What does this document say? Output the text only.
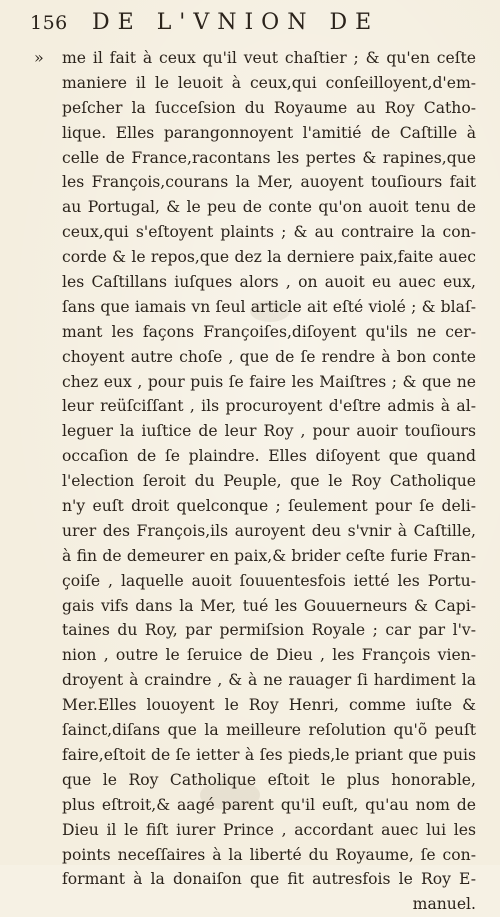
156 DE L'VNION DE
» me il fait à ceux qu'il veut chaſtier ; & qu'en ceſte
maniere il le leuoit à ceux,qui conſeilloyent,d'em-
peſcher la ſucceſsion du Royaume au Roy Catho-
lique. Elles parangonnoyent l'amitié de Caſtille à
celle de France,racontans les pertes & rapines,que
les François,courans la Mer, auoyent touſiours fait
au Portugal, & le peu de conte qu'on auoit tenu de
ceux,qui s'eſtoyent plaints ; & au contraire la con-
corde & le repos,que dez la derniere paix,faite auec
les Caſtillans iuſques alors , on auoit eu auec eux,
ſans que iamais vn ſeul article ait eſté violé ; & blaſ-
mant les façons Françoiſes,diſoyent qu'ils ne cer-
choyent autre choſe , que de ſe rendre à bon conte
chez eux , pour puis ſe faire les Maiſtres ; & que ne
leur reüſciſſant , ils procuroyent d'eſtre admis à al-
leguer la iuſtice de leur Roy , pour auoir touſiours
occaſion de ſe plaindre. Elles diſoyent que quand
l'election ſeroit du Peuple, que le Roy Catholique
n'y euſt droit quelconque ; ſeulement pour ſe deli-
urer des François,ils auroyent deu s'vnir à Caſtille,
à fin de demeurer en paix,& brider ceſte furie Fran-
çoiſe , laquelle auoit ſouuentesfois ietté les Portu-
gais vifs dans la Mer, tué les Gouuerneurs & Capi-
taines du Roy, par permiſsion Royale ; car par l'v-
nion , outre le ſeruice de Dieu , les François vien-
droyent à craindre , & à ne rauager ſi hardiment la
Mer.Elles louoyent le Roy Henri, comme iuſte &
ſainct,diſans que la meilleure reſolution qu'õ peuſt
faire,eſtoit de ſe ietter à ſes pieds,le priant que puis
que le Roy Catholique eſtoit le plus honorable,
plus eſtroit,& aagé parent qu'il euſt, qu'au nom de
Dieu il le fiſt iurer Prince , accordant auec lui les
points neceſſaires à la liberté du Royaume, ſe con-
formant à la donaiſon que fit autresfois le Roy E-
manuel.
